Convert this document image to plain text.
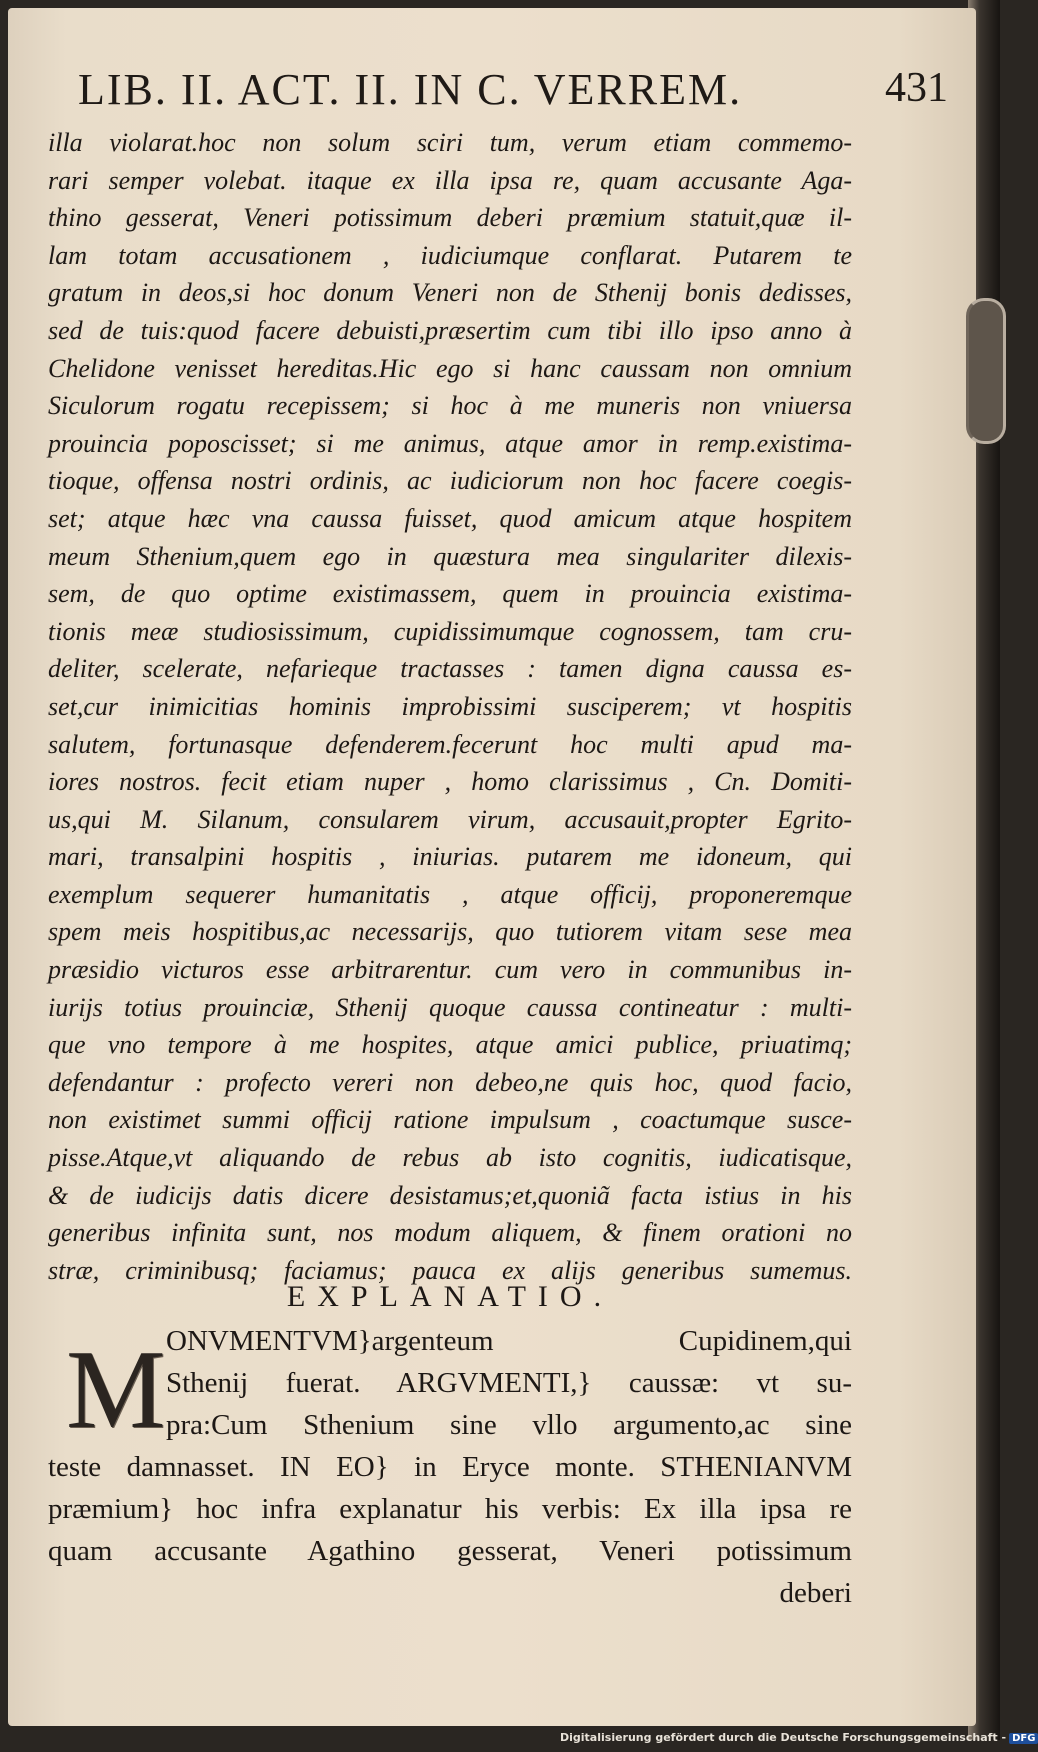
LIB. II. ACT. II. IN C. VERREM.	431
illa violarat.hoc non solum sciri tum, verum etiam commemo-
rari semper volebat. itaque ex illa ipsa re, quam accusante Aga-
thino gesserat, Veneri potissimum deberi præmium statuit,quæ il-
lam totam accusationem , iudiciumque conflarat. Putarem te
gratum in deos,si hoc donum Veneri non de Sthenij bonis dedisses,
sed de tuis:quod facere debuisti,præsertim cum tibi illo ipso anno à
Chelidone venisset hereditas.Hic ego si hanc caussam non omnium
Siculorum rogatu recepissem; si hoc à me muneris non vniuersa
prouincia poposcisset; si me animus, atque amor in remp.existima-
tioque, offensa nostri ordinis, ac iudiciorum non hoc facere coegis-
set; atque hæc vna caussa fuisset, quod amicum atque hospitem
meum Sthenium,quem ego in quæstura mea singulariter dilexis-
sem, de quo optime existimassem, quem in prouincia existima-
tionis meæ studiosissimum, cupidissimumque cognossem, tam cru-
deliter, scelerate, nefarieque tractasses : tamen digna caussa es-
set,cur inimicitias hominis improbissimi susciperem; vt hospitis
salutem, fortunasque defenderem.fecerunt hoc multi apud ma-
iores nostros. fecit etiam nuper , homo clarissimus , Cn. Domiti-
us,qui M. Silanum, consularem virum, accusauit,propter Egrito-
mari, transalpini hospitis , iniurias. putarem me idoneum, qui
exemplum sequerer humanitatis , atque officij, proponeremque
spem meis hospitibus,ac necessarijs, quo tutiorem vitam sese mea
præsidio victuros esse arbitrarentur. cum vero in communibus in-
iurijs totius prouinciæ, Sthenij quoque caussa contineatur : multi-
que vno tempore à me hospites, atque amici publice, priuatimq;
defendantur : profecto vereri non debeo,ne quis hoc, quod facio,
non existimet summi officij ratione impulsum , coactumque susce-
pisse.Atque,vt aliquando de rebus ab isto cognitis, iudicatisque,
& de iudicijs datis dicere desistamus;et,quoniã facta istius in his
generibus infinita sunt, nos modum aliquem, & finem orationi no
stræ, criminibusq; faciamus; pauca ex alijs generibus sumemus.
EXPLANATIO.
M ONVMENTVM}argenteum Cupidinem,qui
Sthenij fuerat. ARGVMENTI,} caussæ: vt su-
pra:Cum Sthenium sine vllo argumento,ac sine
teste damnasset. IN EO} in Eryce monte. STHENIANVM
præmium} hoc infra explanatur his verbis: Ex illa ipsa re
quam accusante Agathino gesserat, Veneri potissimum
deberi
Digitalisierung gefördert durch die Deutsche Forschungsgemeinschaft - DFG
